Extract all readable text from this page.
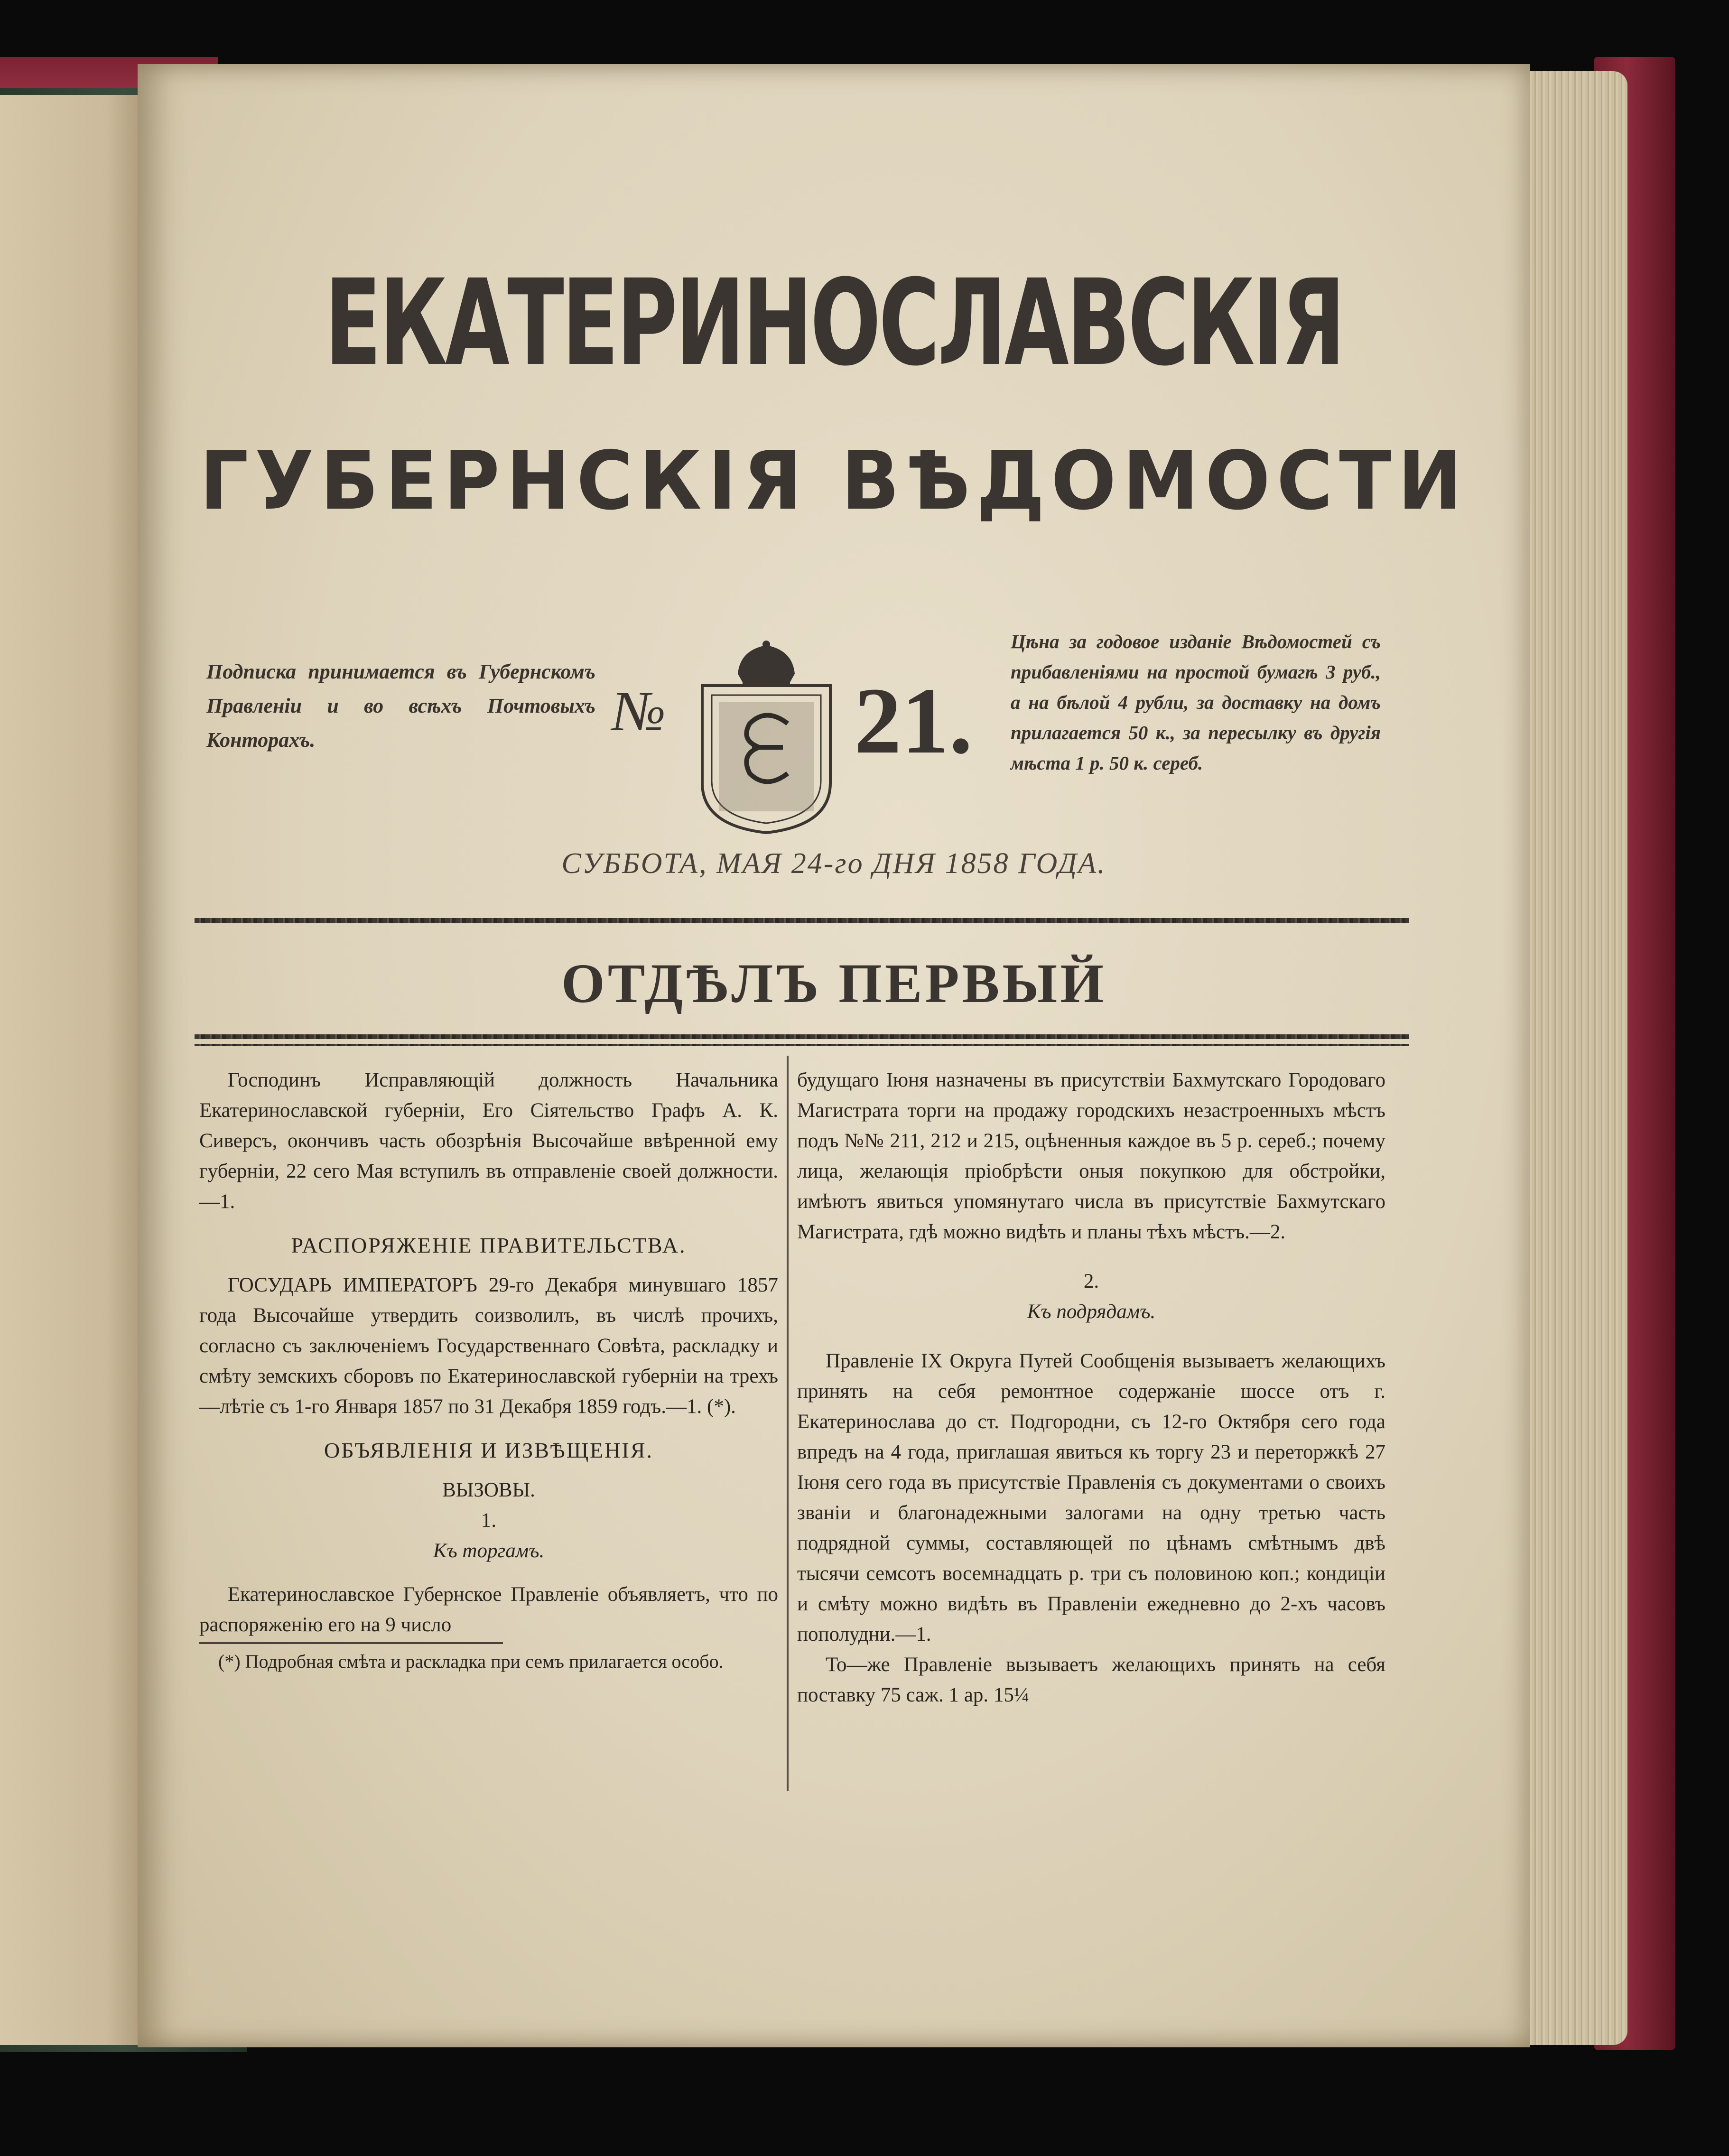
ЕКАТЕРИНОСЛАВСКІЯ
ГУБЕРНСКІЯ ВѢДОМОСТИ
Подписка принимается въ Губернскомъ Правленіи и во всѣхъ Почтовыхъ Конторахъ.	№ 21.
Цѣна за годовое изданіе Вѣдомостей съ прибавленіями на простой бумагѣ 3 руб., а на бѣлой 4 рубли, за доставку на домъ прилагается 50 к., за пересылку въ другія мѣста 1 р. 50 к. сереб.
СУББОТА, МАЯ 24-го ДНЯ 1858 ГОДА.
ОТДѢЛЪ ПЕРВЫЙ

Господинъ Исправляющій должность Начальника Екатеринославской губерніи, Его Сіятельство Графъ А. К. Сиверсъ, окончивъ часть обозрѣнія Высочайше ввѣренной ему губерніи, 22 сего Мая вступилъ въ отправленіе своей должности.—1.

РАСПОРЯЖЕНІЕ ПРАВИТЕЛЬСТВА.

ГОСУДАРЬ ИМПЕРАТОРЪ 29-го Декабря минувшаго 1857 года Высочайше утвердить соизволилъ, въ числѣ прочихъ, согласно съ заключеніемъ Государственнаго Совѣта, раскладку и смѣту земскихъ сборовъ по Екатеринославской губерніи на трехъ—лѣтіе съ 1-го Января 1857 по 31 Декабря 1859 годъ.—1. (*).

ОБЪЯВЛЕНІЯ И ИЗВѢЩЕНІЯ.

ВЫЗОВЫ.

1.

Къ торгамъ.

Екатеринославское Губернское Правленіе объявляетъ, что по распоряженію его на 9 число

(*) Подробная смѣта и раскладка при семъ прилагается особо.

будущаго Іюня назначены въ присутствіи Бахмутскаго Городоваго Магистрата торги на продажу городскихъ незастроенныхъ мѣстъ подъ №№ 211, 212 и 215, оцѣненныя каждое въ 5 р. сереб.; почему лица, желающія пріобрѣсти оныя покупкою для обстройки, имѣютъ явиться упомянутаго числа въ присутствіе Бахмутскаго Магистрата, гдѣ можно видѣть и планы тѣхъ мѣстъ.—2.

2.

Къ подрядамъ.

Правленіе IX Округа Путей Сообщенія вызываетъ желающихъ принять на себя ремонтное содержаніе шоссе отъ г. Екатеринослава до ст. Подгородни, съ 12-го Октября сего года впредъ на 4 года, приглашая явиться къ торгу 23 и переторжкѣ 27 Іюня сего года въ присутствіе Правленія съ документами о своихъ званіи и благонадежными залогами на одну третью часть подрядной суммы, составляющей по цѣнамъ смѣтнымъ двѣ тысячи семсотъ восемнадцать р. три съ половиною коп.; кондиціи и смѣту можно видѣть въ Правленіи ежедневно до 2-хъ часовъ пополудни.—1.

То—же Правленіе вызываетъ желающихъ принять на себя поставку 75 саж. 1 ар. 15¼
